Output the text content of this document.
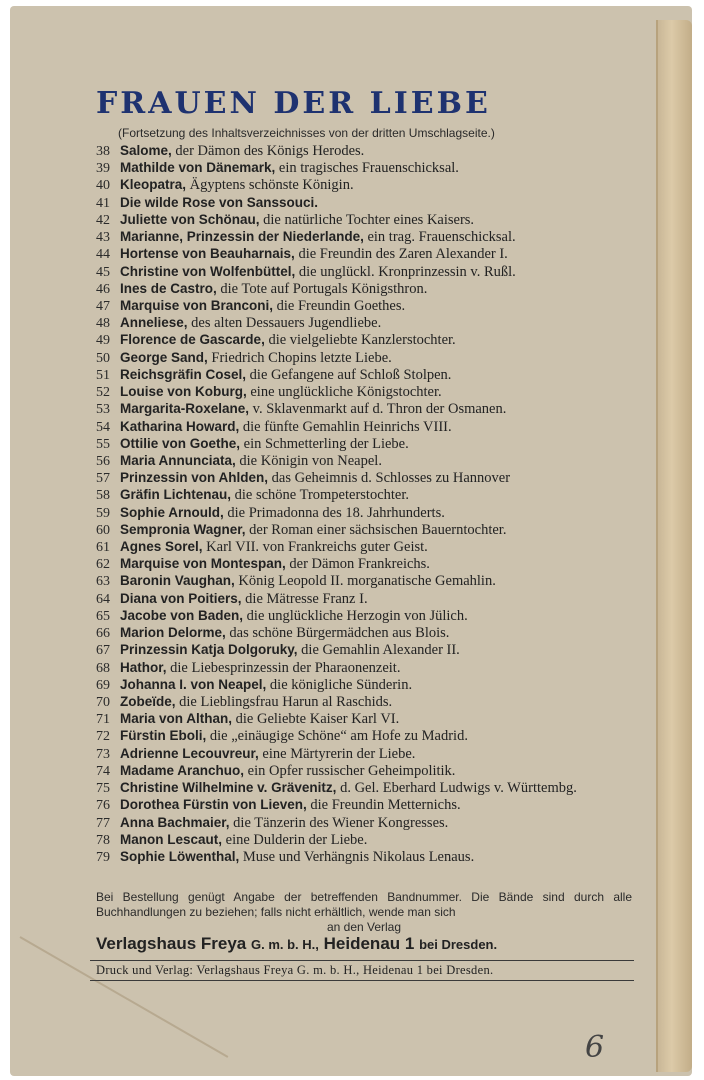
FRAUEN DER LIEBE
(Fortsetzung des Inhaltsverzeichnisses von der dritten Umschlagseite.)
38 Salome, der Dämon des Königs Herodes.
39 Mathilde von Dänemark, ein tragisches Frauenschicksal.
40 Kleopatra, Ägyptens schönste Königin.
41 Die wilde Rose von Sanssouci.
42 Juliette von Schönau, die natürliche Tochter eines Kaisers.
43 Marianne, Prinzessin der Niederlande, ein trag. Frauenschicksal.
44 Hortense von Beauharnais, die Freundin des Zaren Alexander I.
45 Christine von Wolfenbüttel, die unglückl. Kronprinzessin v. Rußl.
46 Ines de Castro, die Tote auf Portugals Königsthron.
47 Marquise von Branconi, die Freundin Goethes.
48 Anneliese, des alten Dessauers Jugendliebe.
49 Florence de Gascarde, die vielgeliebte Kanzlerstochter.
50 George Sand, Friedrich Chopins letzte Liebe.
51 Reichsgräfin Cosel, die Gefangene auf Schloß Stolpen.
52 Louise von Koburg, eine unglückliche Königstochter.
53 Margarita-Roxelane, v. Sklavenmarkt auf d. Thron der Osmanen.
54 Katharina Howard, die fünfte Gemahlin Heinrichs VIII.
55 Ottilie von Goethe, ein Schmetterling der Liebe.
56 Maria Annunciata, die Königin von Neapel.
57 Prinzessin von Ahlden, das Geheimnis d. Schlosses zu Hannover
58 Gräfin Lichtenau, die schöne Trompeterstochter.
59 Sophie Arnould, die Primadonna des 18. Jahrhunderts.
60 Sempronia Wagner, der Roman einer sächsischen Bauerntochter.
61 Agnes Sorel, Karl VII. von Frankreichs guter Geist.
62 Marquise von Montespan, der Dämon Frankreichs.
63 Baronin Vaughan, König Leopold II. morganatische Gemahlin.
64 Diana von Poitiers, die Mätresse Franz I.
65 Jacobe von Baden, die unglückliche Herzogin von Jülich.
66 Marion Delorme, das schöne Bürgermädchen aus Blois.
67 Prinzessin Katja Dolgoruky, die Gemahlin Alexander II.
68 Hathor, die Liebesprinzessin der Pharaonenzeit.
69 Johanna I. von Neapel, die königliche Sünderin.
70 Zobeïde, die Lieblingsfrau Harun al Raschids.
71 Maria von Althan, die Geliebte Kaiser Karl VI.
72 Fürstin Eboli, die „einäugige Schöne“ am Hofe zu Madrid.
73 Adrienne Lecouvreur, eine Märtyrerin der Liebe.
74 Madame Aranchuo, ein Opfer russischer Geheimpolitik.
75 Christine Wilhelmine v. Grävenitz, d. Gel. Eberhard Ludwigs v. Württembg.
76 Dorothea Fürstin von Lieven, die Freundin Metternichs.
77 Anna Bachmaier, die Tänzerin des Wiener Kongresses.
78 Manon Lescaut, eine Dulderin der Liebe.
79 Sophie Löwenthal, Muse und Verhängnis Nikolaus Lenaus.
Bei Bestellung genügt Angabe der betreffenden Bandnummer. Die Bände sind durch alle Buchhandlungen zu beziehen; falls nicht erhältlich, wende man sich
an den Verlag
Verlagshaus Freya G. m. b. H., Heidenau 1 bei Dresden.
Druck und Verlag: Verlagshaus Freya G. m. b. H., Heidenau 1 bei Dresden.
6
